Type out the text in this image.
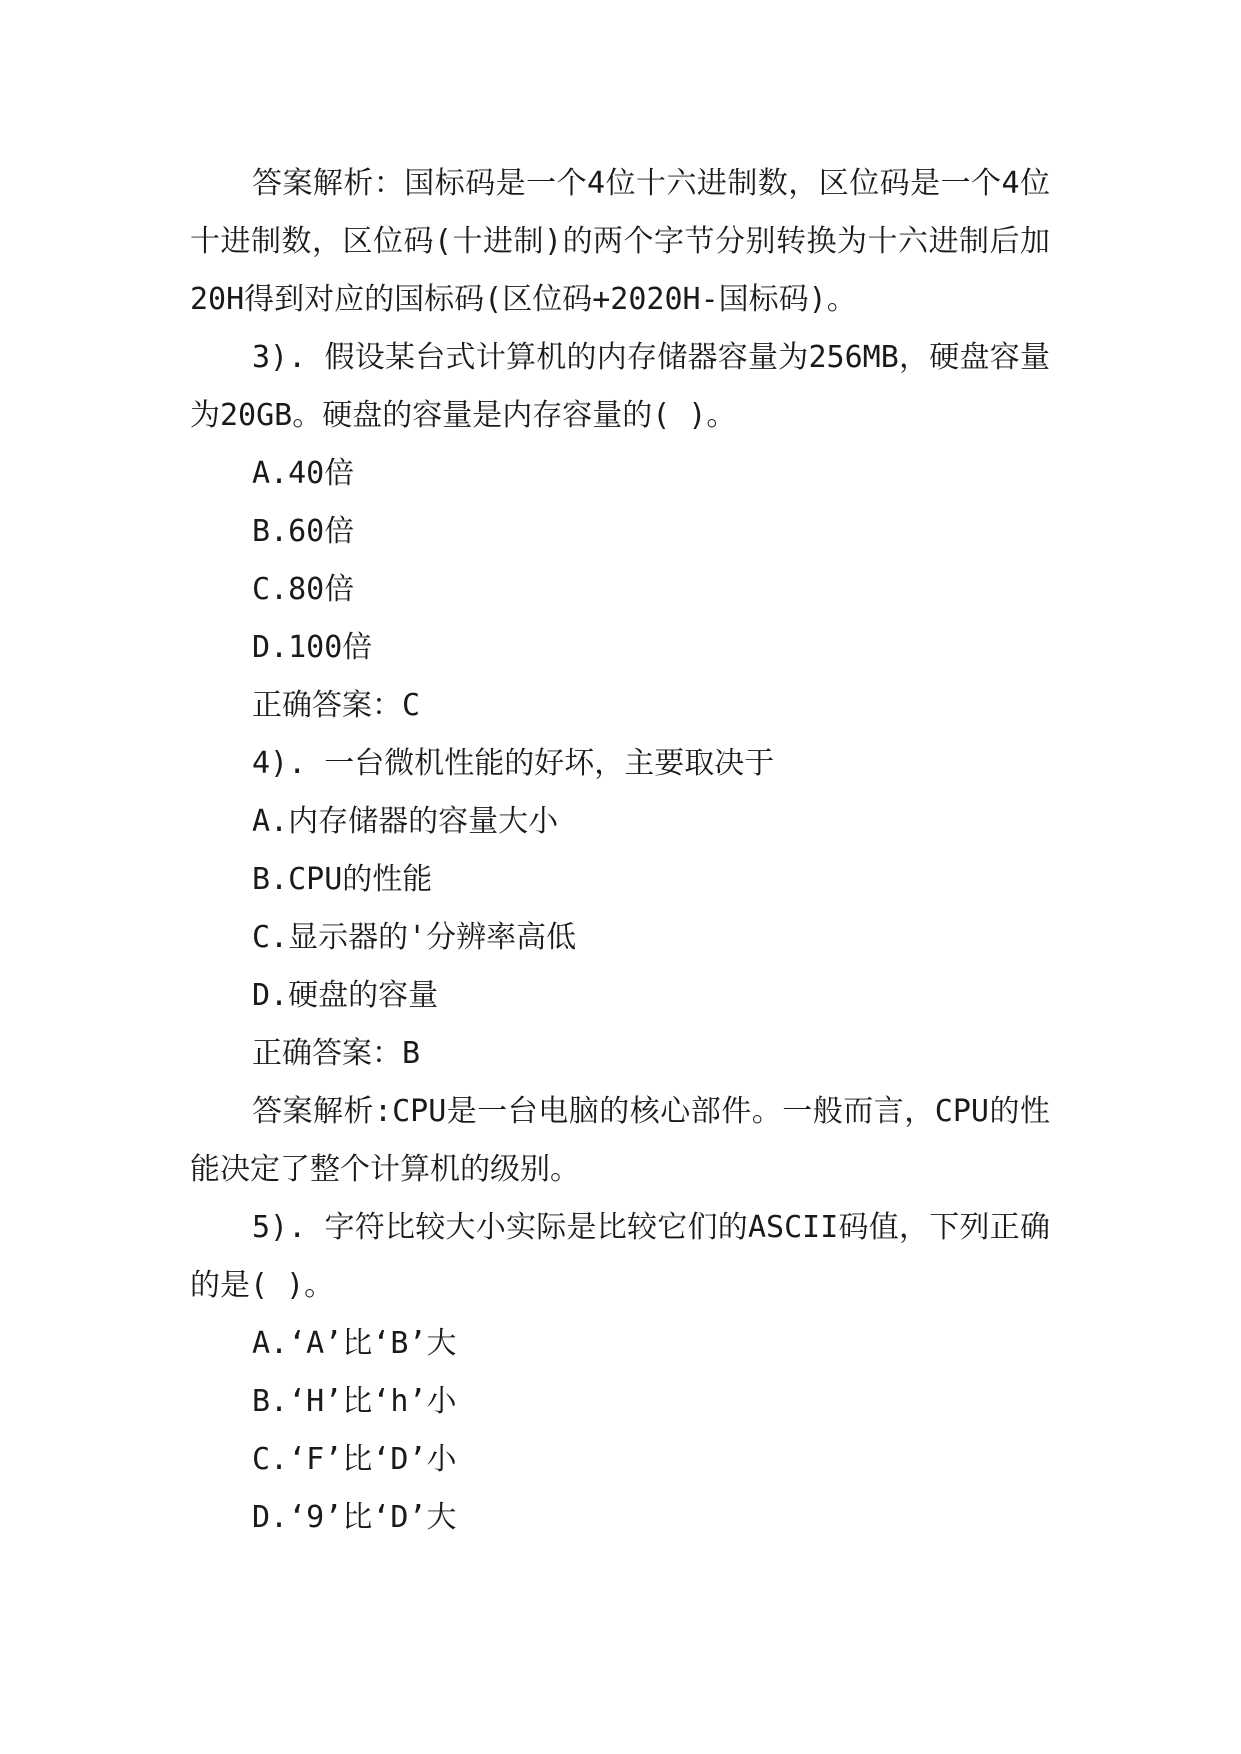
答案解析：国标码是一个4位十六进制数，区位码是一个4位十进制数，区位码(十进制)的两个字节分别转换为十六进制后加20H得到对应的国标码(区位码+2020H-国标码)。

3). 假设某台式计算机的内存储器容量为256MB，硬盘容量为20GB。硬盘的容量是内存容量的( )。

A.40倍

B.60倍

C.80倍

D.100倍

正确答案：C

4). 一台微机性能的好坏，主要取决于

A.内存储器的容量大小

B.CPU的性能

C.显示器的'分辨率高低

D.硬盘的容量

正确答案：B

答案解析:CPU是一台电脑的核心部件。一般而言，CPU的性能决定了整个计算机的级别。

5). 字符比较大小实际是比较它们的ASCII码值，下列正确的是( )。

A.‘A’比‘B’大

B.‘H’比‘h’小

C.‘F’比‘D’小

D.‘9’比‘D’大
